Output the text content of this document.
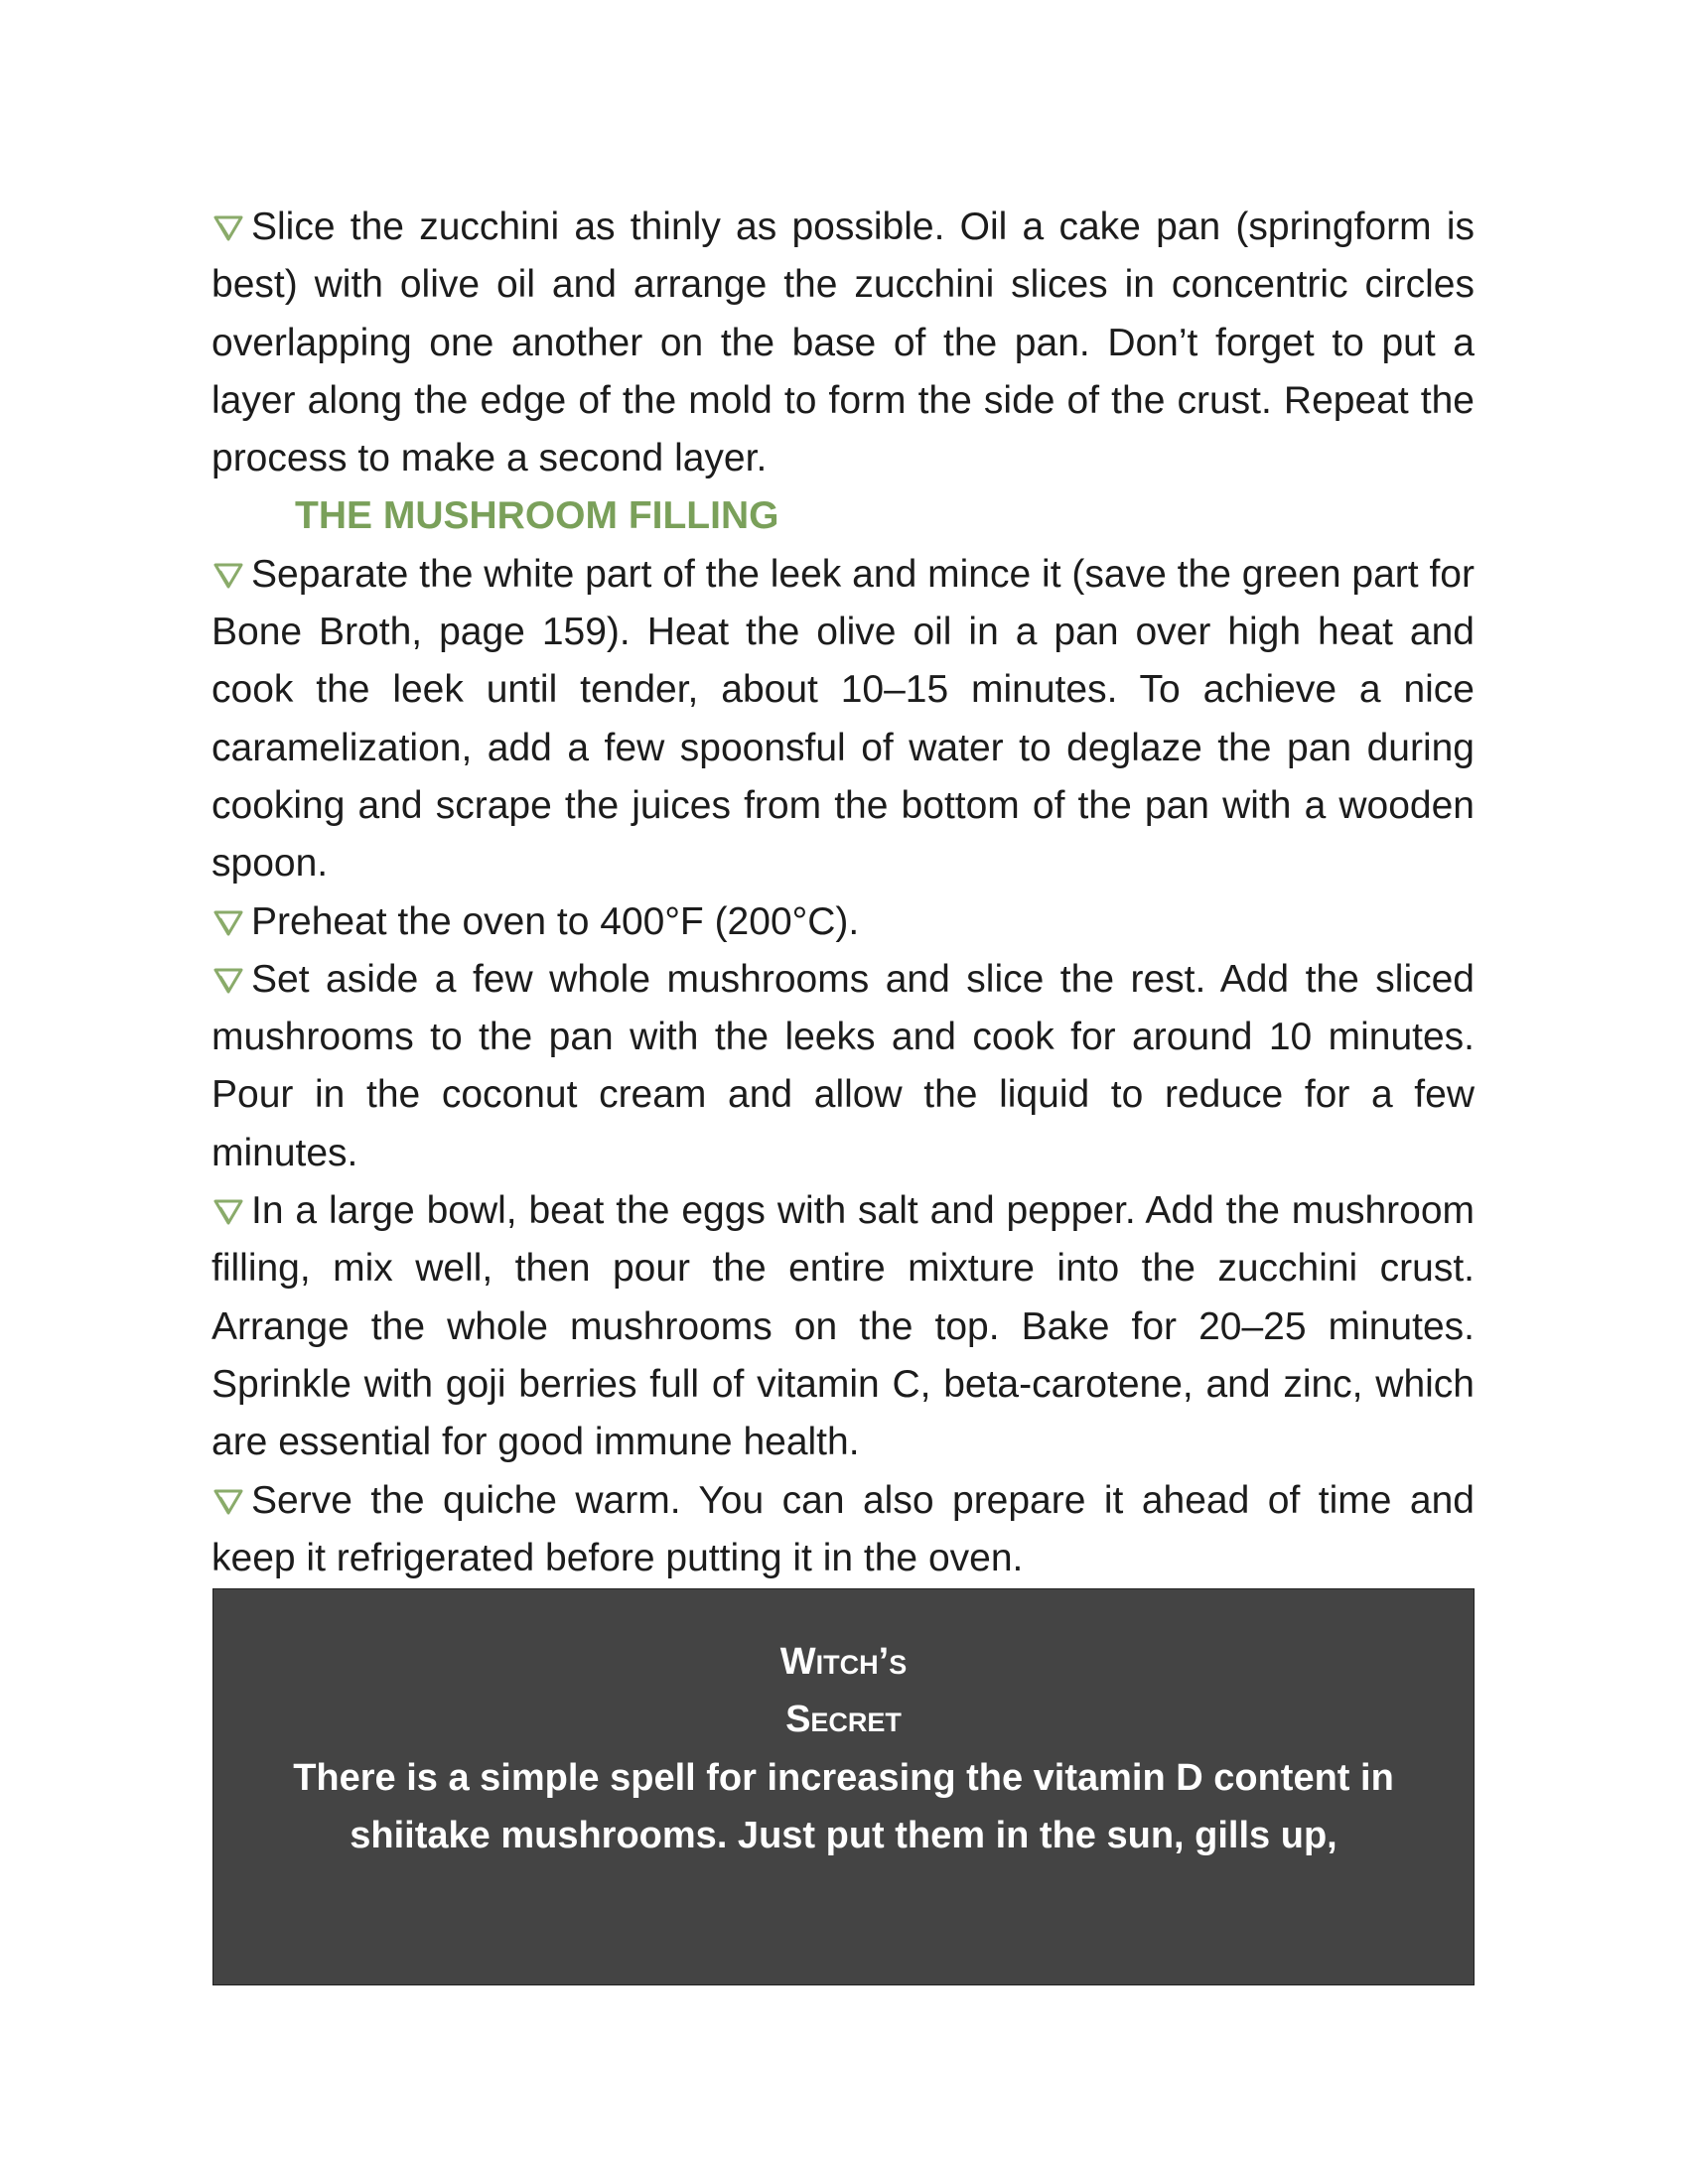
Slice the zucchini as thinly as possible. Oil a cake pan (springform is best) with olive oil and arrange the zucchini slices in concentric circles overlapping one another on the base of the pan. Don’t forget to put a layer along the edge of the mold to form the side of the crust. Repeat the process to make a second layer.

THE MUSHROOM FILLING

Separate the white part of the leek and mince it (save the green part for Bone Broth, page 159). Heat the olive oil in a pan over high heat and cook the leek until tender, about 10–15 minutes. To achieve a nice caramelization, add a few spoonsful of water to deglaze the pan during cooking and scrape the juices from the bottom of the pan with a wooden spoon.

Preheat the oven to 400°F (200°C).

Set aside a few whole mushrooms and slice the rest. Add the sliced mushrooms to the pan with the leeks and cook for around 10 minutes. Pour in the coconut cream and allow the liquid to reduce for a few minutes.

In a large bowl, beat the eggs with salt and pepper. Add the mushroom filling, mix well, then pour the entire mixture into the zucchini crust. Arrange the whole mushrooms on the top. Bake for 20–25 minutes. Sprinkle with goji berries full of vitamin C, beta-carotene, and zinc, which are essential for good immune health.

Serve the quiche warm. You can also prepare it ahead of time and keep it refrigerated before putting it in the oven.

Witch’s

Secret

There is a simple spell for increasing the vitamin D content in shiitake mushrooms. Just put them in the sun, gills up,
